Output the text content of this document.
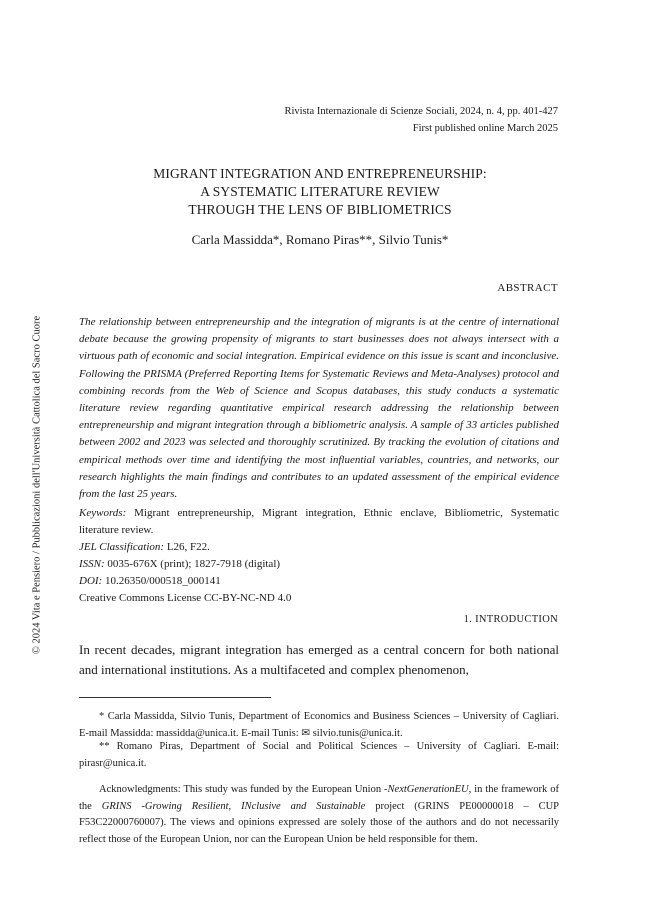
© 2024 Vita e Pensiero / Pubblicazioni dell'Università Cattolica del Sacro Cuore
Rivista Internazionale di Scienze Sociali, 2024, n. 4, pp. 401-427
First published online March 2025
MIGRANT INTEGRATION AND ENTREPRENEURSHIP:
A SYSTEMATIC LITERATURE REVIEW
THROUGH THE LENS OF BIBLIOMETRICS
Carla Massidda*, Romano Piras**, Silvio Tunis*
ABSTRACT
The relationship between entrepreneurship and the integration of migrants is at the centre of international debate because the growing propensity of migrants to start businesses does not always intersect with a virtuous path of economic and social integration. Empirical evidence on this issue is scant and inconclusive. Following the PRISMA (Preferred Reporting Items for Systematic Reviews and Meta-Analyses) protocol and combining records from the Web of Science and Scopus databases, this study conducts a systematic literature review regarding quantitative empirical research addressing the relationship between entrepreneurship and migrant integration through a bibliometric analysis. A sample of 33 articles published between 2002 and 2023 was selected and thoroughly scrutinized. By tracking the evolution of citations and empirical methods over time and identifying the most influential variables, countries, and networks, our research highlights the main findings and contributes to an updated assessment of the empirical evidence from the last 25 years.
Keywords: Migrant entrepreneurship, Migrant integration, Ethnic enclave, Bibliometric, Systematic literature review.
JEL Classification: L26, F22.
ISSN: 0035-676X (print); 1827-7918 (digital)
DOI: 10.26350/000518_000141
Creative Commons License CC-BY-NC-ND 4.0
1. INTRODUCTION
In recent decades, migrant integration has emerged as a central concern for both national and international institutions. As a multifaceted and complex phenomenon,
* Carla Massidda, Silvio Tunis, Department of Economics and Business Sciences – University of Cagliari. E-mail Massidda: massidda@unica.it. E-mail Tunis: ✉ silvio.tunis@unica.it.
** Romano Piras, Department of Social and Political Sciences – University of Cagliari. E-mail: pirasr@unica.it.
Acknowledgments: This study was funded by the European Union -NextGenerationEU, in the framework of the GRINS -Growing Resilient, INclusive and Sustainable project (GRINS PE00000018 – CUP F53C22000760007). The views and opinions expressed are solely those of the authors and do not necessarily reflect those of the European Union, nor can the European Union be held responsible for them.
